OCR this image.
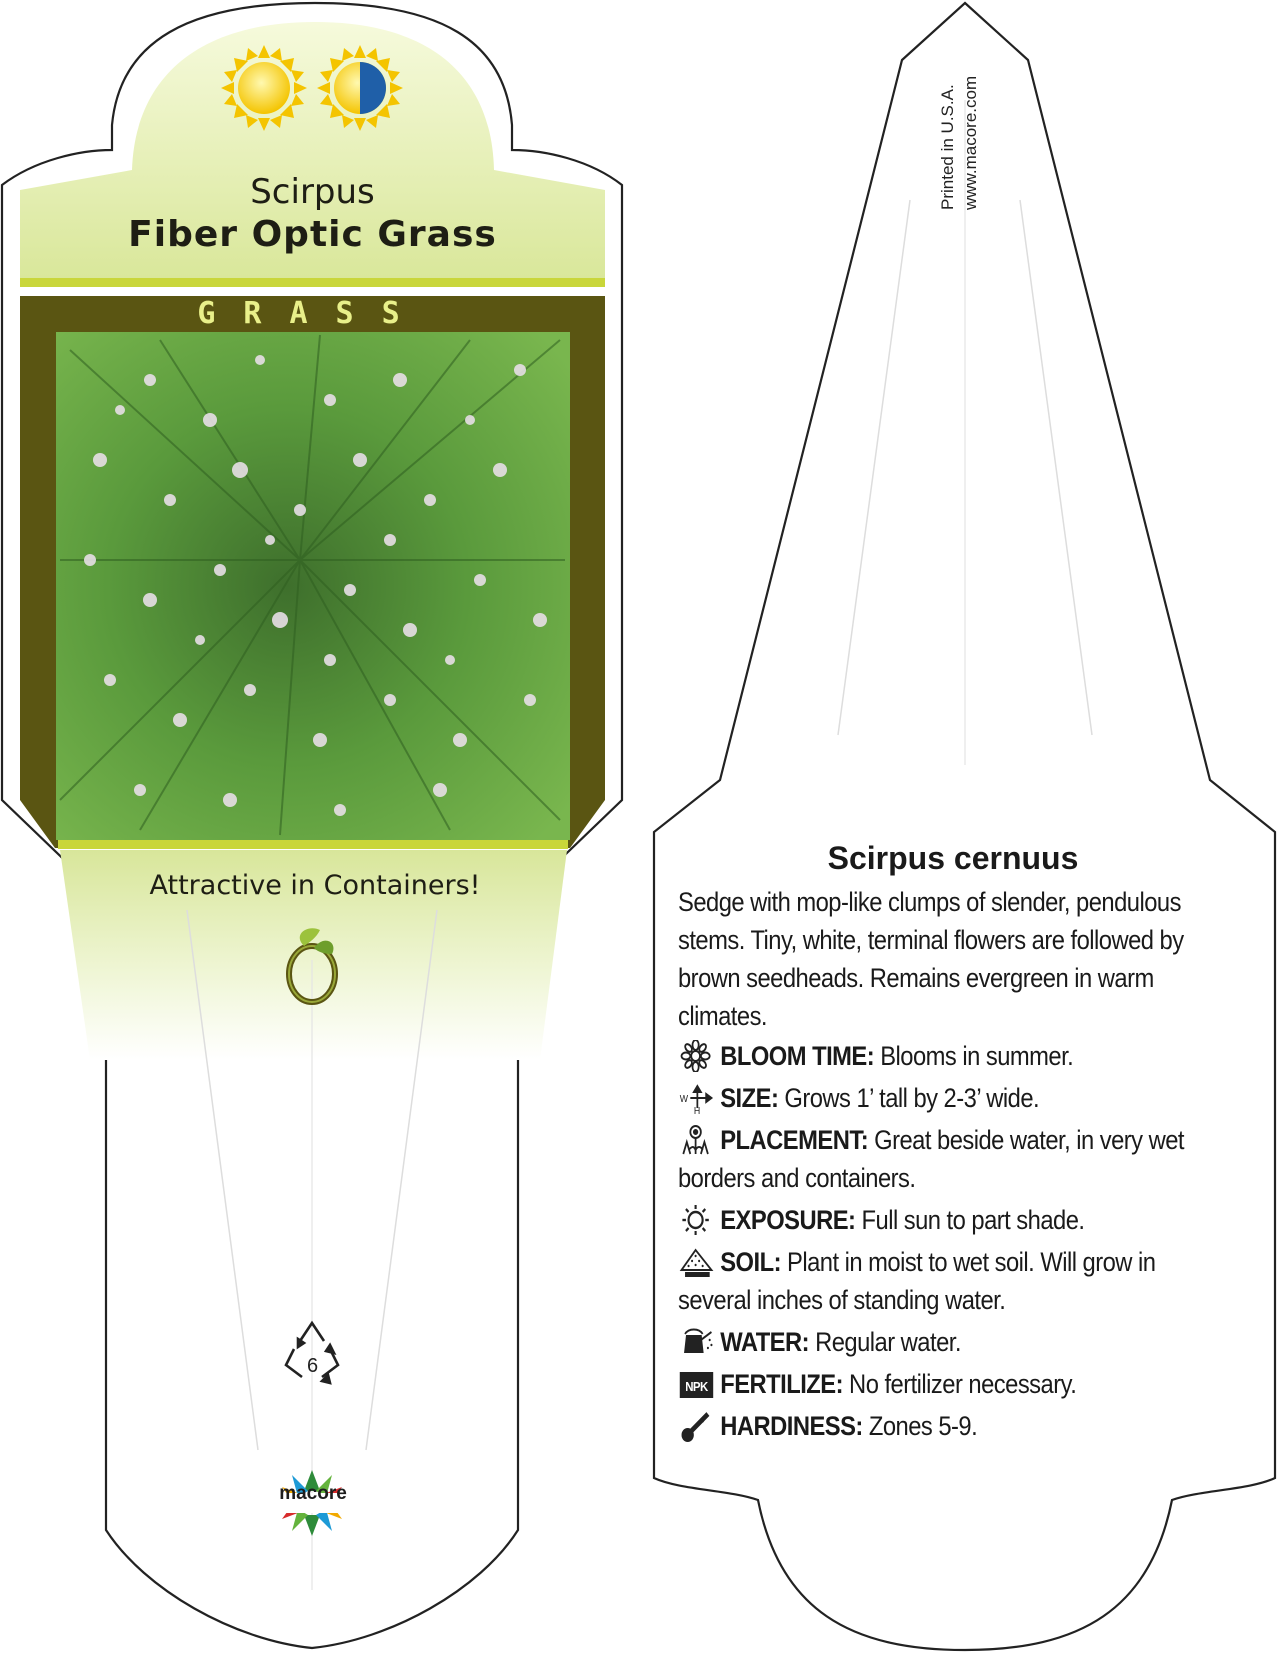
Scirpus
Fiber Optic Grass
GRASS
Attractive in Containers!
6
macore
Printed in U.S.A. www.macore.com
Scirpus cernuus
Sedge with mop-like clumps of slender, pendulous stems. Tiny, white, terminal flowers are followed by brown seedheads. Remains evergreen in warm climates.
BLOOM TIME: Blooms in summer.
W
H SIZE: Grows 1’ tall by 2-3’ wide.
PLACEMENT: Great beside water, in very wet borders and containers.
EXPOSURE: Full sun to part shade.
SOIL: Plant in moist to wet soil. Will grow in several inches of standing water.
WATER: Regular water.
NPK FERTILIZE: No fertilizer necessary.
HARDINESS: Zones 5-9.
